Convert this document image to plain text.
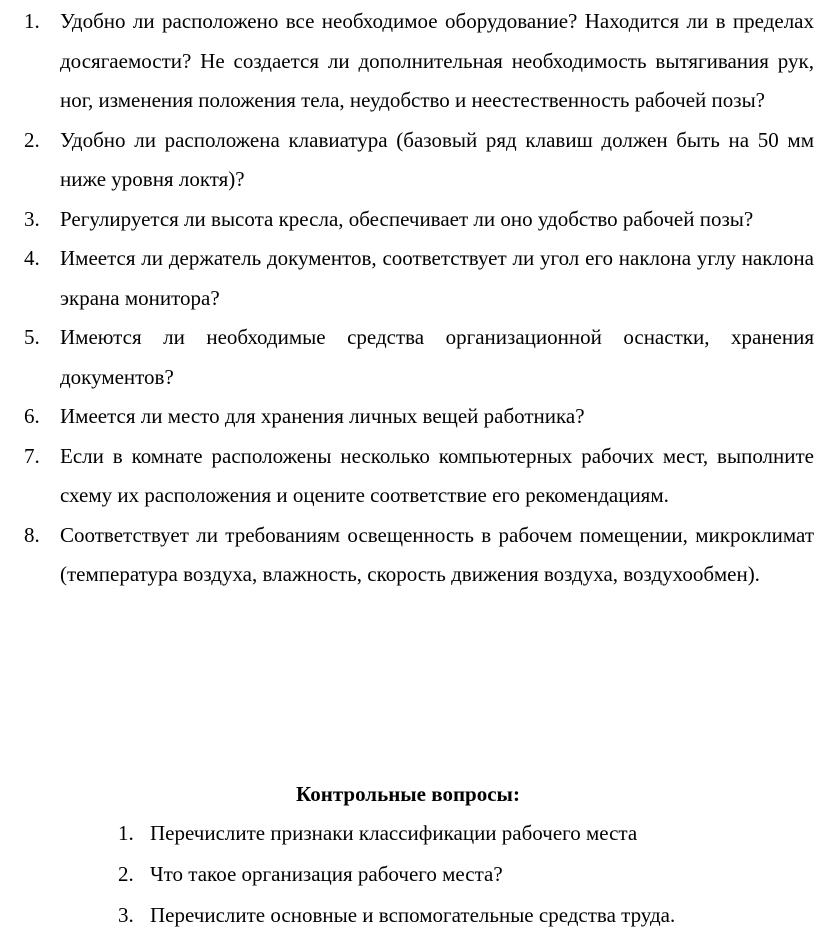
1. Удобно ли расположено все необходимое оборудование? Находится ли в пределах досягаемости? Не создается ли дополнительная необходимость вытягивания рук, ног, изменения положения тела, неудобство и неестественность рабочей позы?
2. Удобно ли расположена клавиатура (базовый ряд клавиш должен быть на 50 мм ниже уровня локтя)?
3. Регулируется ли высота кресла, обеспечивает ли оно удобство рабочей позы?
4. Имеется ли держатель документов, соответствует ли угол его наклона углу наклона экрана монитора?
5. Имеются ли необходимые средства организационной оснастки, хранения документов?
6. Имеется ли место для хранения личных вещей работника?
7. Если в комнате расположены несколько компьютерных рабочих мест, выполните схему их расположения и оцените соответствие его рекомендациям.
8. Соответствует ли требованиям освещенность в рабочем помещении, микроклимат (температура воздуха, влажность, скорость движения воздуха, воздухообмен).
Контрольные вопросы:
1. Перечислите признаки классификации рабочего места
2. Что такое организация рабочего места?
3. Перечислите основные и вспомогательные средства труда.
